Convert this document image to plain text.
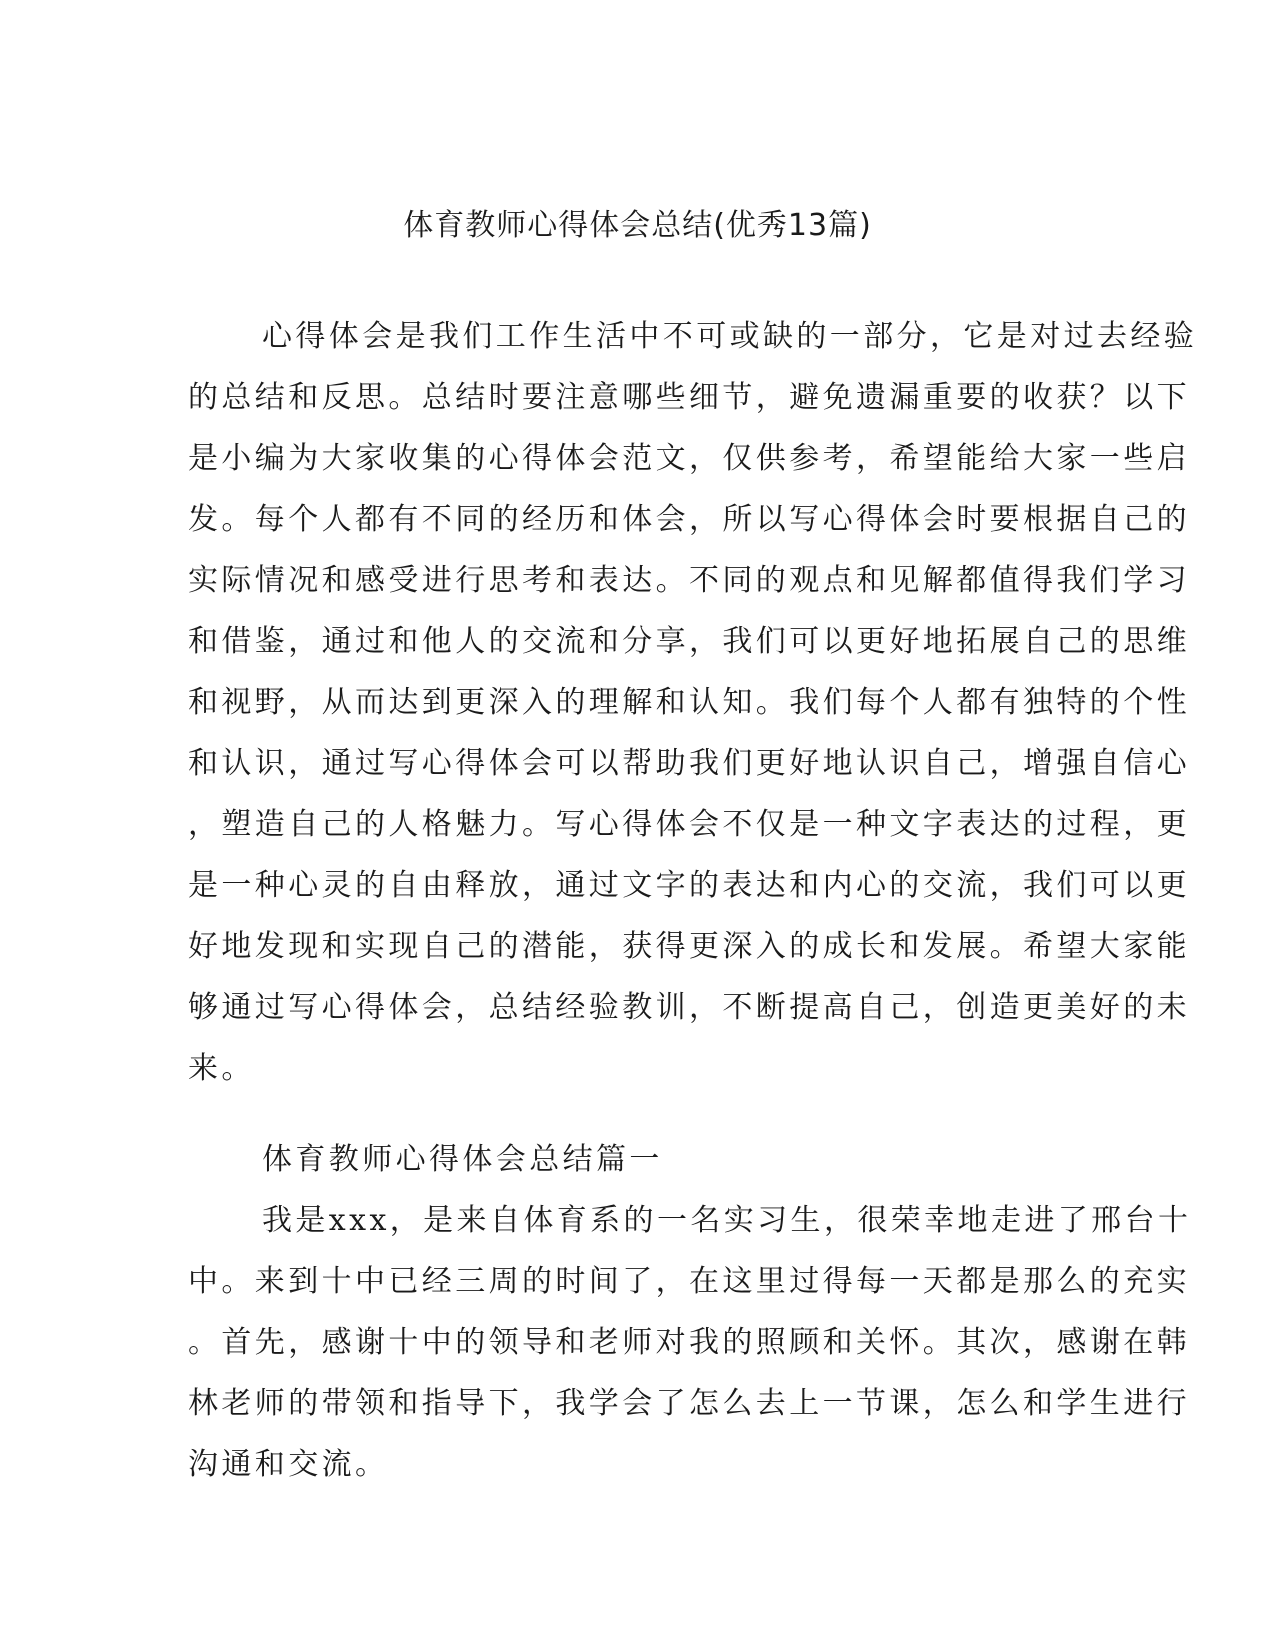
体育教师心得体会总结(优秀13篇)
心得体会是我们工作生活中不可或缺的一部分，它是对过去经验
的总结和反思。总结时要注意哪些细节，避免遗漏重要的收获？以下
是小编为大家收集的心得体会范文，仅供参考，希望能给大家一些启
发。每个人都有不同的经历和体会，所以写心得体会时要根据自己的
实际情况和感受进行思考和表达。不同的观点和见解都值得我们学习
和借鉴，通过和他人的交流和分享，我们可以更好地拓展自己的思维
和视野，从而达到更深入的理解和认知。我们每个人都有独特的个性
和认识，通过写心得体会可以帮助我们更好地认识自己，增强自信心
，塑造自己的人格魅力。写心得体会不仅是一种文字表达的过程，更
是一种心灵的自由释放，通过文字的表达和内心的交流，我们可以更
好地发现和实现自己的潜能，获得更深入的成长和发展。希望大家能
够通过写心得体会，总结经验教训，不断提高自己，创造更美好的未
来。
体育教师心得体会总结篇一
我是xxx，是来自体育系的一名实习生，很荣幸地走进了邢台十
中。来到十中已经三周的时间了，在这里过得每一天都是那么的充实
。首先，感谢十中的领导和老师对我的照顾和关怀。其次，感谢在韩
林老师的带领和指导下，我学会了怎么去上一节课，怎么和学生进行
沟通和交流。
